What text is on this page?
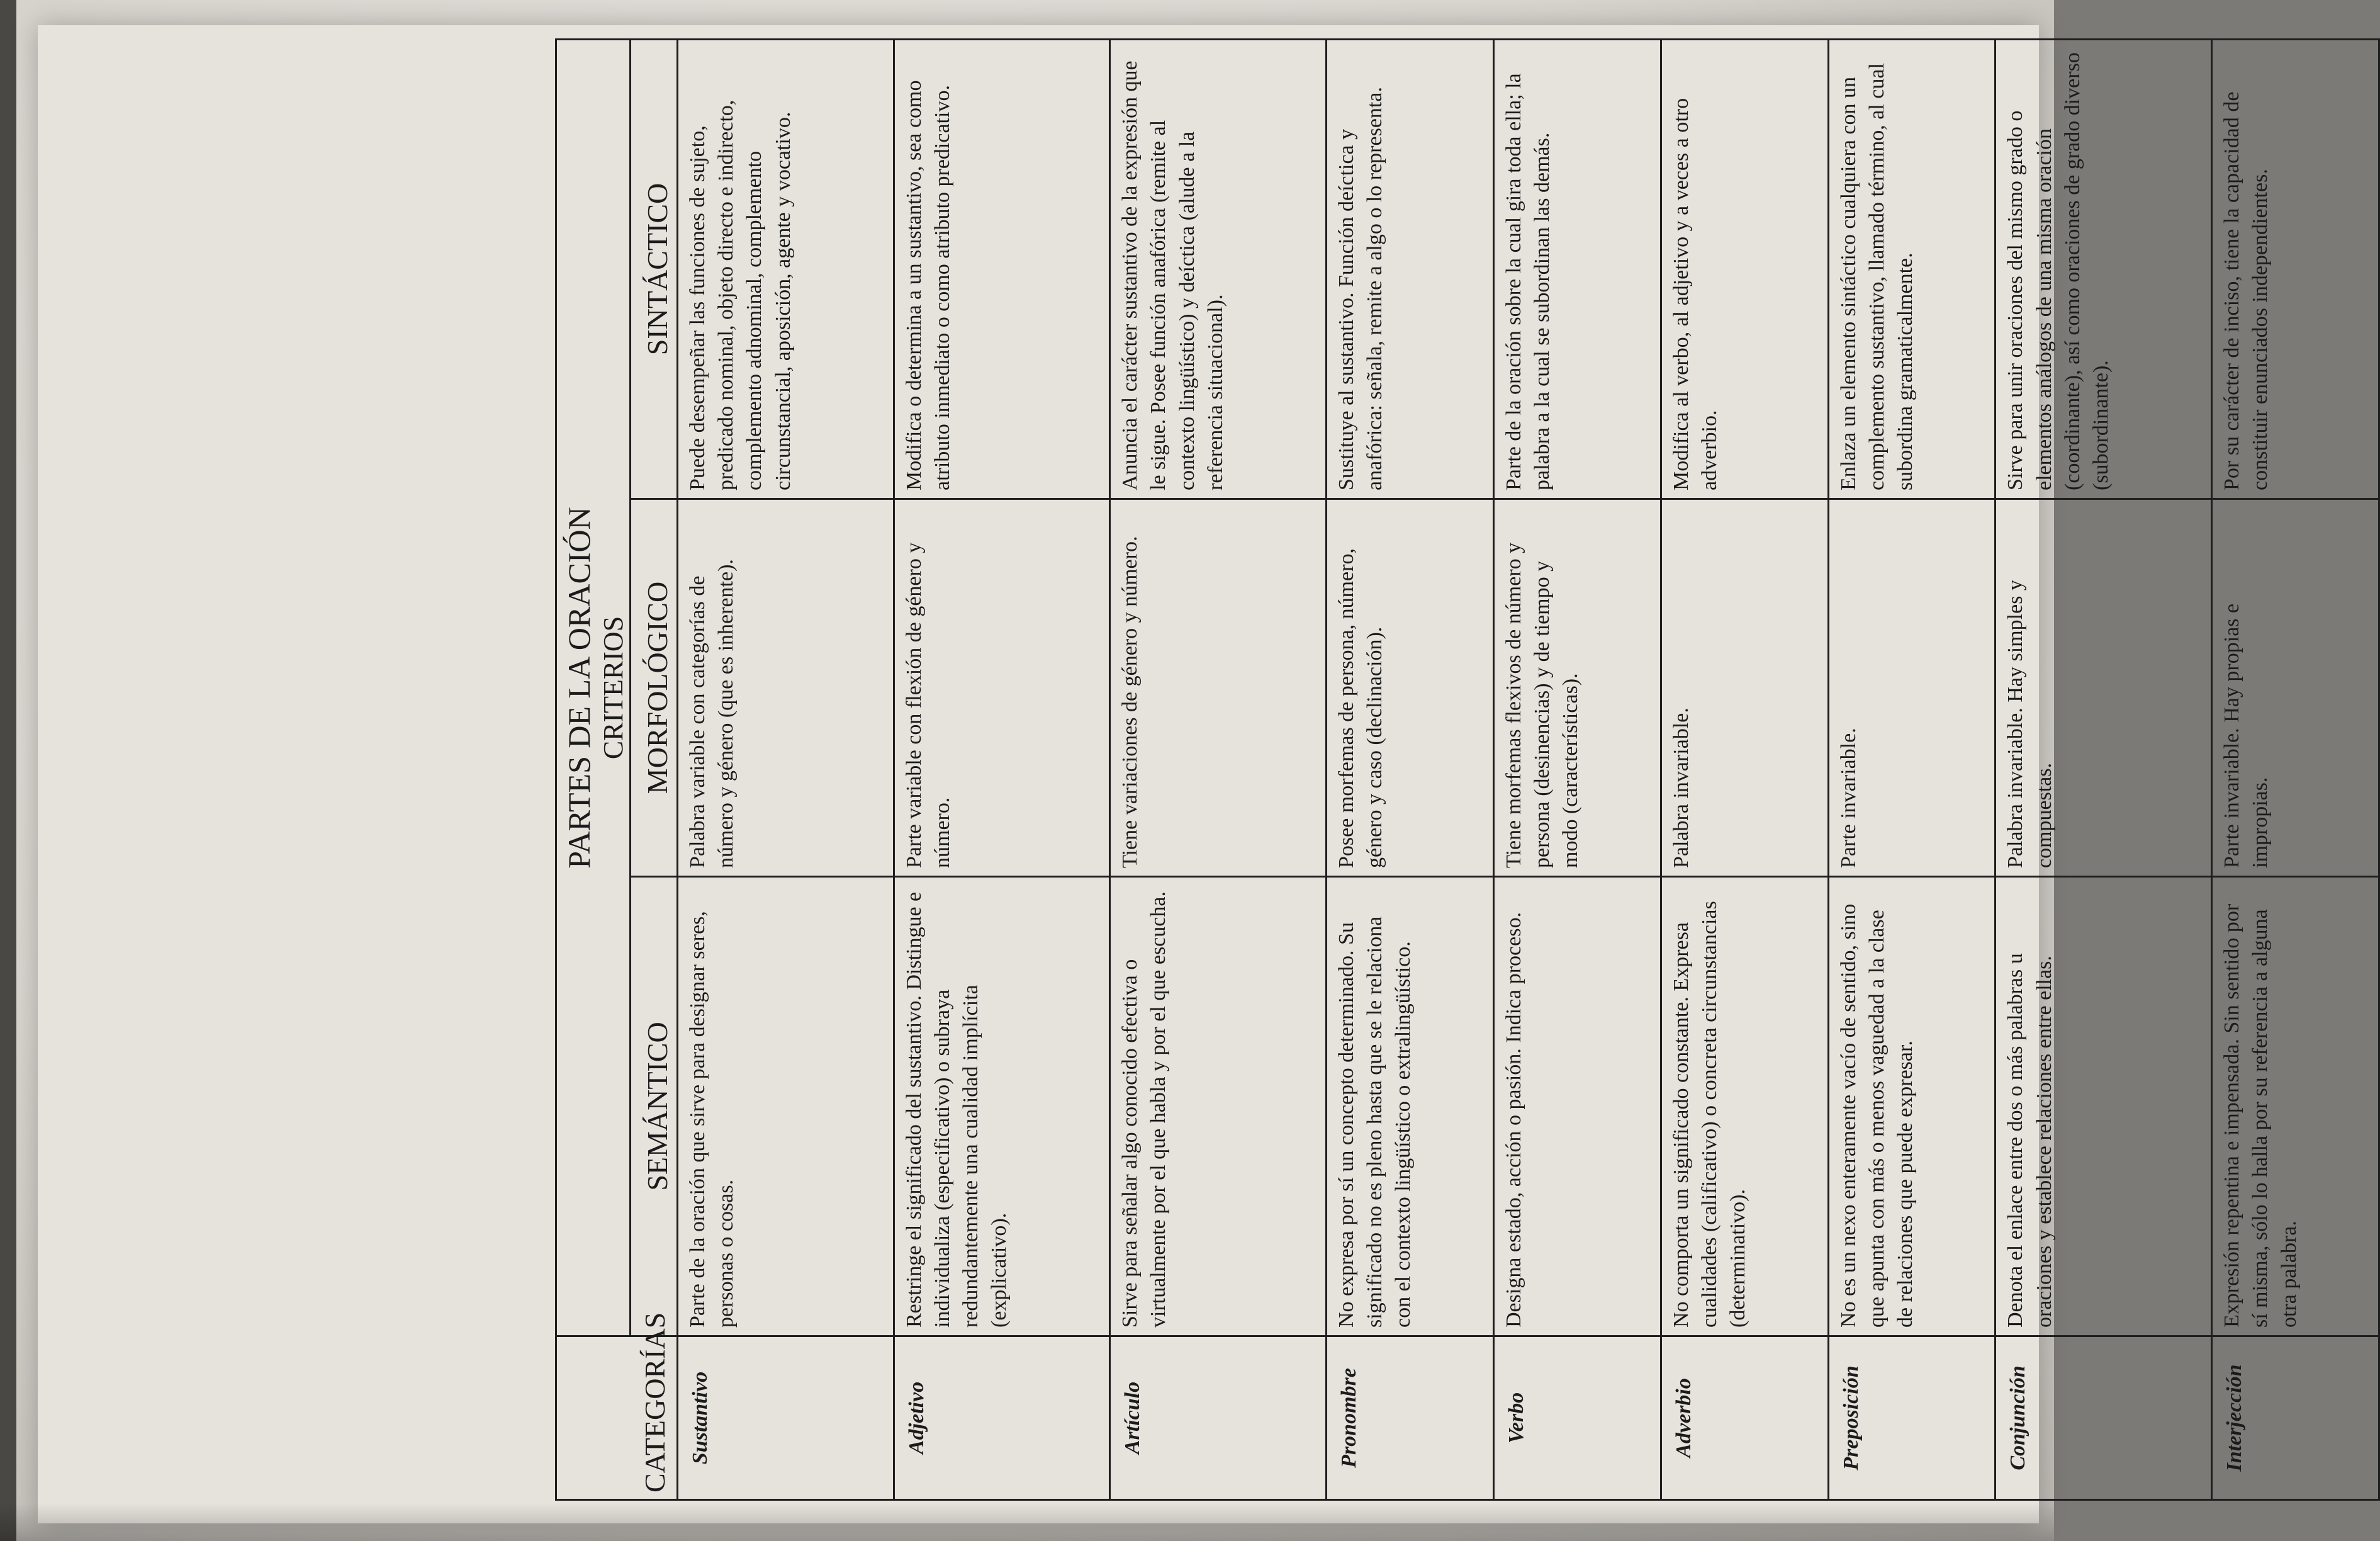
CATEGORÍAS	PARTES DE LA ORACIÓN		
	CRITERIOS		
	SEMÁNTICO	MORFOLÓGICO	SINTÁCTICO
Sustantivo	Parte de la oración que sirve para designar seres, personas o cosas.	Palabra variable con categorías de número y género (que es inherente).	Puede desempeñar las funciones de sujeto, predicado nominal, objeto directo e indirecto, complemento adnominal, complemento circunstancial, aposición, agente y vocativo.
Adjetivo	Restringe el significado del sustantivo. Distingue e individualiza (especificativo) o subraya redundantemente una cualidad implícita (explicativo).	Parte variable con flexión de género y número.	Modifica o determina a un sustantivo, sea como atributo inmediato o como atributo predicativo.
Artículo	Sirve para señalar algo conocido efectiva o virtualmente por el que habla y por el que escucha.	Tiene variaciones de género y número.	Anuncia el carácter sustantivo de la expresión que le sigue. Posee función anafórica (remite al contexto lingüístico) y deíctica (alude a la referencia situacional).
Pronombre	No expresa por sí un concepto determinado. Su significado no es pleno hasta que se le relaciona con el contexto lingüístico o extralingüístico.	Posee morfemas de persona, número, género y caso (declinación).	Sustituye al sustantivo. Función deíctica y anafórica: señala, remite a algo o lo representa.
Verbo	Designa estado, acción o pasión. Indica proceso.	Tiene morfemas flexivos de número y persona (desinencias) y de tiempo y modo (características).	Parte de la oración sobre la cual gira toda ella; la palabra a la cual se subordinan las demás.
Adverbio	No comporta un significado constante. Expresa cualidades (calificativo) o concreta circunstancias (determinativo).	Palabra invariable.	Modifica al verbo, al adjetivo y a veces a otro adverbio.
Preposición	No es un nexo enteramente vacío de sentido, sino que apunta con más o menos vaguedad a la clase de relaciones que puede expresar.	Parte invariable.	Enlaza un elemento sintáctico cualquiera con un complemento sustantivo, llamado término, al cual subordina gramaticalmente.
Conjunción	Denota el enlace entre dos o más palabras u oraciones y establece relaciones entre ellas.	Palabra invariable. Hay simples y compuestas.	Sirve para unir oraciones del mismo grado o elementos análogos de una misma oración (coordinante), así como oraciones de grado diverso (subordinante).
Interjección	Expresión repentina e impensada. Sin sentido por sí misma, sólo lo halla por su referencia a alguna otra palabra.	Parte invariable. Hay propias e impropias.	Por su carácter de inciso, tiene la capacidad de constituir enunciados independientes.
